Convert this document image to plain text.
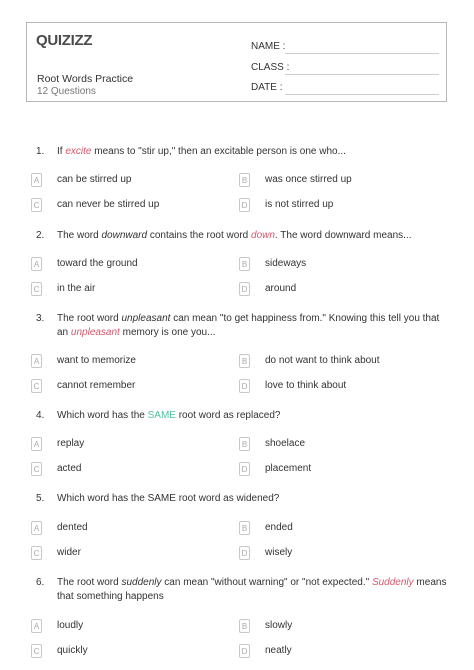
QUIZIZZ
Root Words Practice
12 Questions
NAME :
CLASS :
DATE :
1. If excite means to "stir up," then an excitable person is one who...
A can be stirred up	B was once stirred up
C can never be stirred up	D is not stirred up
2. The word downward contains the root word down. The word downward means...
A toward the ground	B sideways
C in the air	D around
3. The root word unpleasant can mean "to get happiness from." Knowing this tell you that an unpleasant memory is one you...
A want to memorize	B do not want to think about
C cannot remember	D love to think about
4. Which word has the SAME root word as replaced?
A replay	B shoelace
C acted	D placement
5. Which word has the SAME root word as widened?
A dented	B ended
C wider	D wisely
6. The root word suddenly can mean "without warning" or "not expected." Suddenly means that something happens
A loudly	B slowly
C quickly	D neatly
